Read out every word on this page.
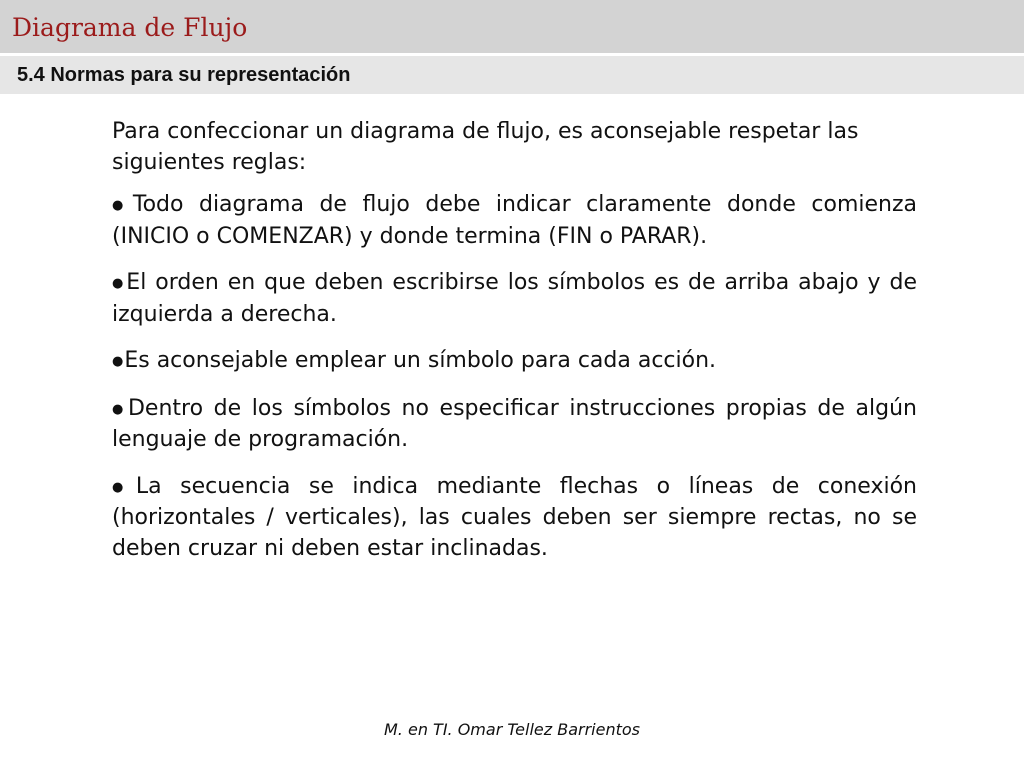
Diagrama de Flujo
5.4 Normas para su representación

Para confeccionar un diagrama de flujo, es aconsejable respetar las siguientes reglas:

●Todo diagrama de flujo debe indicar claramente donde comienza (INICIO o COMENZAR) y donde termina (FIN o PARAR).
●El orden en que deben escribirse los símbolos es de arriba abajo y de izquierda a derecha.
●Es aconsejable emplear un símbolo para cada acción.
●Dentro de los símbolos no especificar instrucciones propias de algún lenguaje de programación.
●La secuencia se indica mediante flechas o líneas de conexión (horizontales / verticales), las cuales deben ser siempre rectas, no se deben cruzar ni deben estar inclinadas.
M. en TI. Omar Tellez Barrientos
